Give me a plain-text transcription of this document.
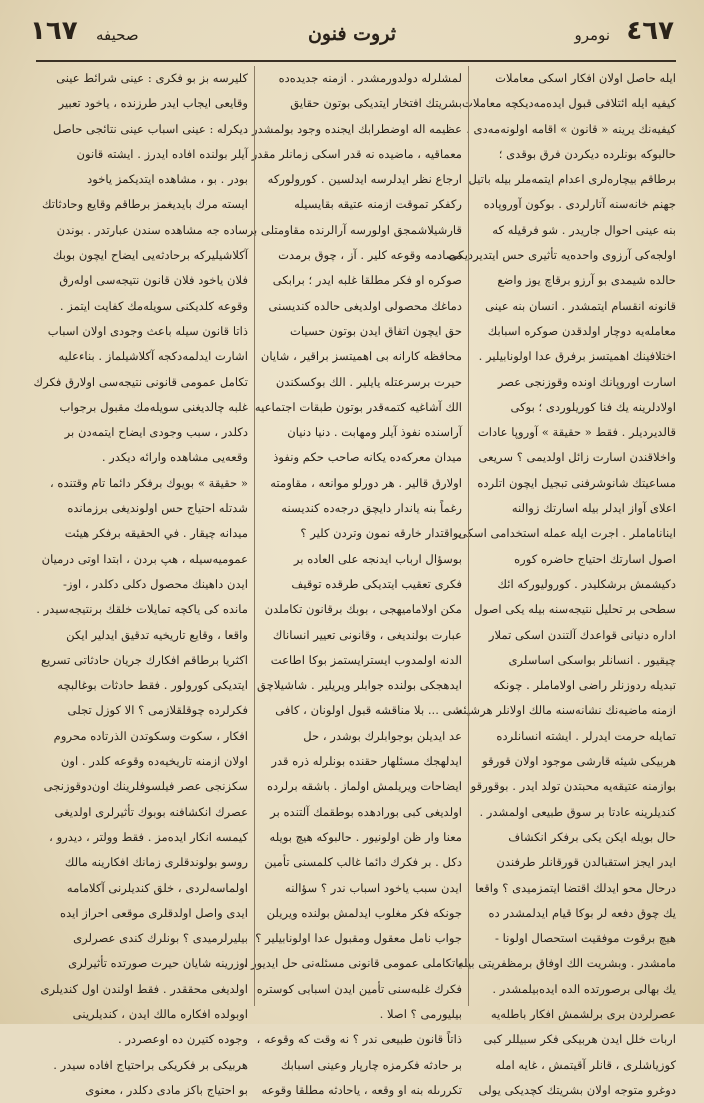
٤٦٧
نومرو
ثروت فنون
صحيفه
١٦٧
ايله حاصل اولان افكار اسكى معاملات
كيفيه ايله ائتلافى قبول ايدەمەديكچە معاملات
كيفيەنك يرينە « قانون » اقامه اولونەمەدى .
حالبوكه بونلرده ديكردن فرق بوقدى ؛
برطاقم بيچارەلرى اعدام ايتمەملر بيلە باتيل
جهنم خانەسنە آتارلردى . بوكون آوروپاده
بنه عينى احوال جاريدر . شو فرقيله كه
اولجەكى آرزوى واحدەيە تأثيرى حس ايتديرديكى
حالدە شيمدى بو آرزو برقاچ يوز واضع
قانونه انقسام ايتمشدر . انسان بنه عينى
معاملەيە دوچار اولدقدن صوكره اسبابك
اختلافينك اهميتسز برفرق عدا اولونابيلير .
اسارت اوروپانك اونده وقوزنجى عصر
اولادلرينه يك فنا كوريلوردى ؛ بوكى
قالديرديلر . فقط « حقيقة » آوروپا عادات
واخلاقندن اسارت زائل اولديمى ؟ سريعى
مساعيتك شانوشرفنى تبجيل ايچون اتلرده
اعلاى آواز ايدلر بيله اسارتك زوالنه
ايناناماملر . اجرت ايله عمله استخدامى اسكى
اصول اسارتك احتياج حاضره كوره
دكيشمش برشكليدر . كوروليوركه ائك
سطحى بر تحليل نتيجەسنە بيله يكى اصول
اداره دنيانى قواعدك آلتندن اسكى تملار
چيقيور . انسانلر بواسكى اساسلرى
تبديله ردوزنلر راضى اولاماملر . چونكه
ازمنه ماضيەنك نشانەسنه مالك اولانلر هرشيئه
تمايله حرمت ايدرلر . ايشته انسانلرده
هربيكى شيئە قارشى موجود اولان قورقو
بوازمنه عتيقەيه محبتدن تولد ايدر . بوقورقو
كنديلرينه عادتا بر سوق طبيعى اولمشدر .
حال بويله ايكن يكى برفكر انكشاف
ايدر ايجز استقبالدن قورقانلر طرفندن
درحال محو ايدلك اقتضا ايتمزميدى ؟ واقعا
يك چوق دفعه لر بوكا قيام ايدلمشدر ده
هيچ برقوت موفقيت استحصال اولونا -
مامشدر . وبشريت الك اوفاق برمظفريتى بيله
يك بهالى برصورتده الده ايدەبيلمشدر .
عصرلردن برى برلشمش افكار باطلەيه
اربات خلل ايدن هربيكى فكر سبيللر كبى
كوزياشلرى ، قانلر آقيتمش ، غايه امله
دوغرو متوجه اولان بشريتك كچديكى يولى
لمشلرله دولدورمشدر . ازمنه جديدەده
بشريتك افتخار ايتديكى بوتون حقايق
عظيمه اله اوضطرابك ايجندە وجود بولمشدر .
معماقيه ، ماضيده نه قدر اسكى زمانلر مقدر
ارجاع نظر ايدلرسه ايدلسين . كورولوركه
ركفكر تموقت ازمنه عتيقه بقايسيله
قارشيلاشمجق اولورسه آرالرنده مقاومتلى بر
مصادمه وقوعه كلير . آز ، چوق برمدت
صوكره او فكر مطلقا غلبه ايدر ؛ برابكى
دماغك محصولى اولديغى حالده كنديسنى
حق ايچون اتفاق ايدن بوتون حسيات
محافظه كارانه بى اهميتسز براقير ، شايان
حيرت برسرعتله يايلير . الك بوكسكندن
الك آشاغيه كتمەقدر بوتون طبقات اجتماعيه
آراسنده نفوذ آيلر ومهابت . دنيا دنيان
ميدان معركەده يكانه صاحب حكم ونفوذ
اولارق قالير . هر دورلو موانعه ، مقاومته
رغماً بنه ياندار دايچق درجەده كنديسنه
بواقتدار خارقه نمون وتردن كلير ؟
بوسؤال ارباب ايدنجه على العاده بر
فكرى تعقيب ايتديكى طرقده توقيف
مكن اولاماميهجى ، بوبك برقانون تكاملدن
عبارت بولنديغى ، وقانونى تعيير انساناك
الدنه اولمدوب ايسترايستمز بوكا اطاعت
ايدهجكى بولنده جوابلر ويريلير . شاشيلاچق
شى ... بلا مناقشه قبول اولونان ، كافى
عد ايديلن بوجوابلرك بوشدر ، حل
ايدلهجك مسئلهار حقنده بونلرله ذره قدر
ايضاحات ويريلمش اولماز . باشقه برلرده
اولديغى كبى بورادهده بوطقمك آلتنده بر
معنا وار ظن اولونيور . حالبوكه هيچ بويله
دكل . بر فكرك دائما غالب كلمسنى تأمين
ايدن سبب ياخود اسباب ندر ؟ سؤالنه
جونكه فكر مغلوب ايدلمش بولنده ويريلن
جواب نامل معقول ومقبول عدا اولونابيلير ؟
ياتكاملى عمومى قانونى مسئلەنى حل ايديور ،
فكرك غلبەسنى تأمين ايدن اسبابى كوستره
بيليورمى ؟ اصلا .
ذاتاً قانون طبيعى ندر ؟ نه وقت كه وقوعه ،
بر حادثه فكرمزه چارپار وعينى اسبابك
تكررىله بنه او وقعه ، ياحادثه مطلقا وقوعه
كليرسه بز بو فكرى : عينى شرائط عينى
وقايعى ايجاب ايدر طرزنده ، ياخود تعبير
ديكرله : عينى اسباب عينى نتائجى حاصل
آيلر بولنده افاده ايدرز . ايشته قانون
بودر . بو ، مشاهده ايتديكمز ياخود
ايسته مرك بايديغمز برطاقم وقايع وحادثاتك
ساده جه مشاهده سندن عبارتدر . بوندن
آكلاشيليركه برحادثه‌يى ايضاح ايچون بوبك
فلان ياخود فلان قانون نتيجه‌سى اولەرق
وقوعه كلديكنى سويله‌مك كفايت ايتمز .
ذاتا قانون سيله باعث وجودى اولان اسباب
اشارت ايدلمه‌دكجه آكلاشيلماز . بناءعليه
تكامل عمومى قانونى نتيجه‌سى اولارق فكرك
غلبه چالديغنى سويله‌مك مقبول برجواب
دكلدر ، سبب وجودى ايضاح ايتمەدن بر
وقعەيى مشاهده وارائه ديكدر .
« حقيقة » بويوك برفكر دائما تام وقتنده ،
شدتله احتياج حس اولونديغى برزمانده
ميدانه چيقار . في الحقيقه برفكر هيئت
عموميەسيله ، هپ بردن ، ابتدا اوتى درميان
ايدن داهينك محصول دكلى دكلدر ، اوز-
مانده كى ياكچه تمايلات خلقك برنتيجه‌سيدر .
واقعا ، وقايع تاريخيه تدقيق ايدلير ايكن
اكثريا برطاقم افكارك جريان حادثاتى تسريع
ايتديكى كورولور . فقط حادثات بوغالبچه
فكرلرده چوقلقلازمى ؟ الا كوزل تجلى
افكار ، سكوت وسكوتدن الذرتاده محروم
اولان ازمنه تاريخيه‌ده وقوعه كلدر . اون
سكزنجى عصر فيلسوفلرينك اون‌دوقوزنجى
عصرك انكشافنه بوبوك تأثيرلرى اولديغى
كيمسه انكار ايدەمز . فقط وولتر ، ديدرو ،
روسو بولوندقلرى زمانك افكارينه مالك
اولماسەلردى ، خلق كنديلرنى آكلامامه
ايدى واصل اولدقلرى موقعى احراز ايده
بيليرلرميدى ؟ بونلرك كندى عصرلرى
اوزرينه شايان حيرت صورتده تأثيرلرى
اولديغى محققدر . فقط اولندن اول كنديلرى
اوبولده افكاره مالك ايدن ، كنديلرينى
وجوده كتيرن ده اوعصردر .
هربيكى بر فكريكى براحتياج افاده سيدر .
بو احتياج باكز مادى دكلدر ، معنوى
